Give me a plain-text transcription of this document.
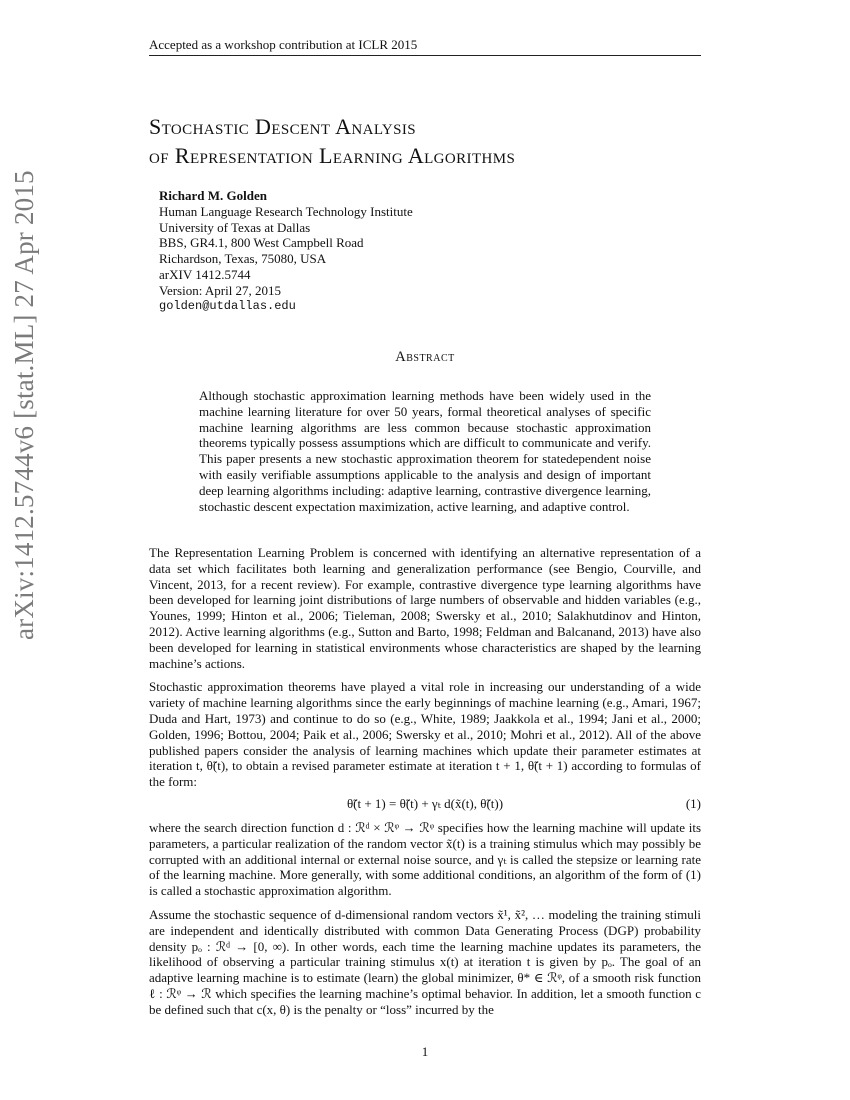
Accepted as a workshop contribution at ICLR 2015
arXiv:1412.5744v6 [stat.ML] 27 Apr 2015
Stochastic Descent Analysis
of Representation Learning Algorithms
Richard M. Golden
Human Language Research Technology Institute
University of Texas at Dallas
BBS, GR4.1, 800 West Campbell Road
Richardson, Texas, 75080, USA
arXIV 1412.5744
Version: April 27, 2015
golden@utdallas.edu
Abstract
Although stochastic approximation learning methods have been widely used in the machine learning literature for over 50 years, formal theoretical analyses of specific machine learning algorithms are less common because stochastic approximation theorems typically possess assumptions which are difficult to communicate and verify. This paper presents a new stochastic approximation theorem for statedependent noise with easily verifiable assumptions applicable to the analysis and design of important deep learning algorithms including: adaptive learning, contrastive divergence learning, stochastic descent expectation maximization, active learning, and adaptive control.

The Representation Learning Problem is concerned with identifying an alternative representation of a data set which facilitates both learning and generalization performance (see Bengio, Courville, and Vincent, 2013, for a recent review). For example, contrastive divergence type learning algorithms have been developed for learning joint distributions of large numbers of observable and hidden variables (e.g., Younes, 1999; Hinton et al., 2006; Tieleman, 2008; Swersky et al., 2010; Salakhutdinov and Hinton, 2012). Active learning algorithms (e.g., Sutton and Barto, 1998; Feldman and Balcanand, 2013) have also been developed for learning in statistical environments whose characteristics are shaped by the learning machine’s actions.

Stochastic approximation theorems have played a vital role in increasing our understanding of a wide variety of machine learning algorithms since the early beginnings of machine learning (e.g., Amari, 1967; Duda and Hart, 1973) and continue to do so (e.g., White, 1989; Jaakkola et al., 1994; Jani et al., 2000; Golden, 1996; Bottou, 2004; Paik et al., 2006; Swersky et al., 2010; Mohri et al., 2012). All of the above published papers consider the analysis of learning machines which update their parameter estimates at iteration t, θ̃(t), to obtain a revised parameter estimate at iteration t + 1, θ̃(t + 1) according to formulas of the form:

θ̃(t + 1) = θ̃(t) + γₜ d(x̃(t), θ̃(t))	(1)

where the search direction function d : ℛᵈ × ℛᵠ → ℛᵠ specifies how the learning machine will update its parameters, a particular realization of the random vector x̃(t) is a training stimulus which may possibly be corrupted with an additional internal or external noise source, and γₜ is called the stepsize or learning rate of the learning machine. More generally, with some additional conditions, an algorithm of the form of (1) is called a stochastic approximation algorithm.

Assume the stochastic sequence of d-dimensional random vectors x̃¹, x̃², … modeling the training stimuli are independent and identically distributed with common Data Generating Process (DGP) probability density pₒ : ℛᵈ → [0, ∞). In other words, each time the learning machine updates its parameters, the likelihood of observing a particular training stimulus x(t) at iteration t is given by pₒ. The goal of an adaptive learning machine is to estimate (learn) the global minimizer, θ* ∈ ℛᵠ, of a smooth risk function ℓ : ℛᵠ → ℛ which specifies the learning machine’s optimal behavior. In addition, let a smooth function c be defined such that c(x, θ) is the penalty or “loss” incurred by the

1
